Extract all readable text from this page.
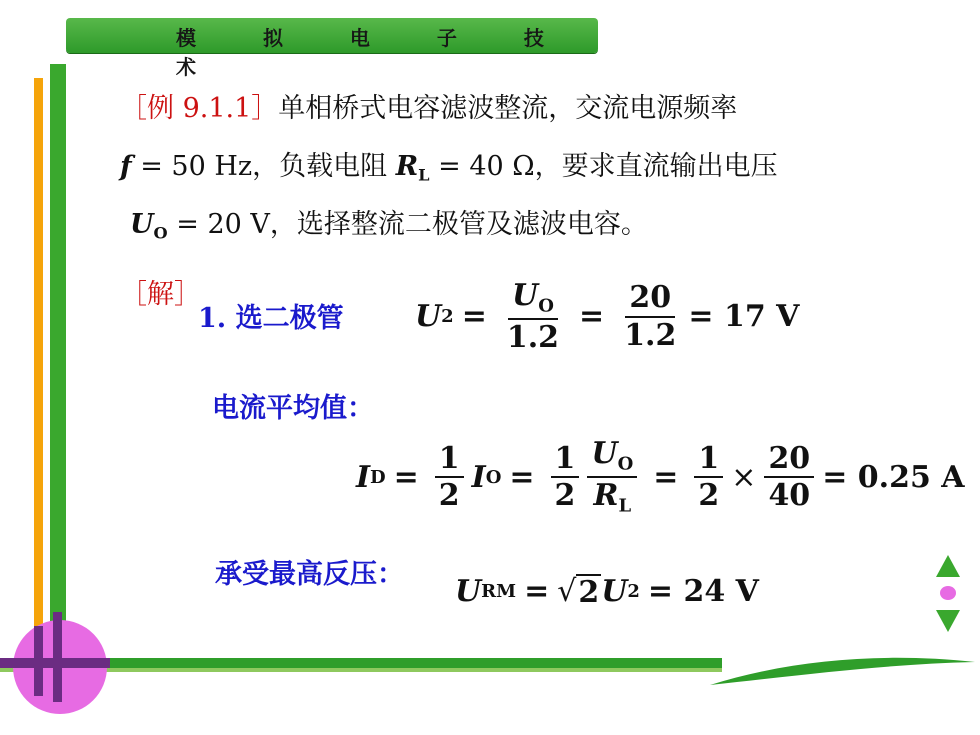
模 拟 电 子 技 术
［例 9.1.1］单相桥式电容滤波整流，交流电源频率
f = 50 Hz，负载电阻 $R_L = 40$ Ω，要求直流输出电压
$U_O = 20$ V，选择整流二极管及滤波电容。
［解］
1. 选二极管 U $2 = \frac{U_O}{1.2} = \frac{20}{1.2} = 17$ V
电流平均值：
I $D = \frac{1}{2}$ I $O = \frac{1}{2} \frac{U_O}{R_L} = \frac{1}{2} \times \frac{20}{40} = 0.25$ A
承受最高反压： U RM = √ 2 U 2 = 24 V
